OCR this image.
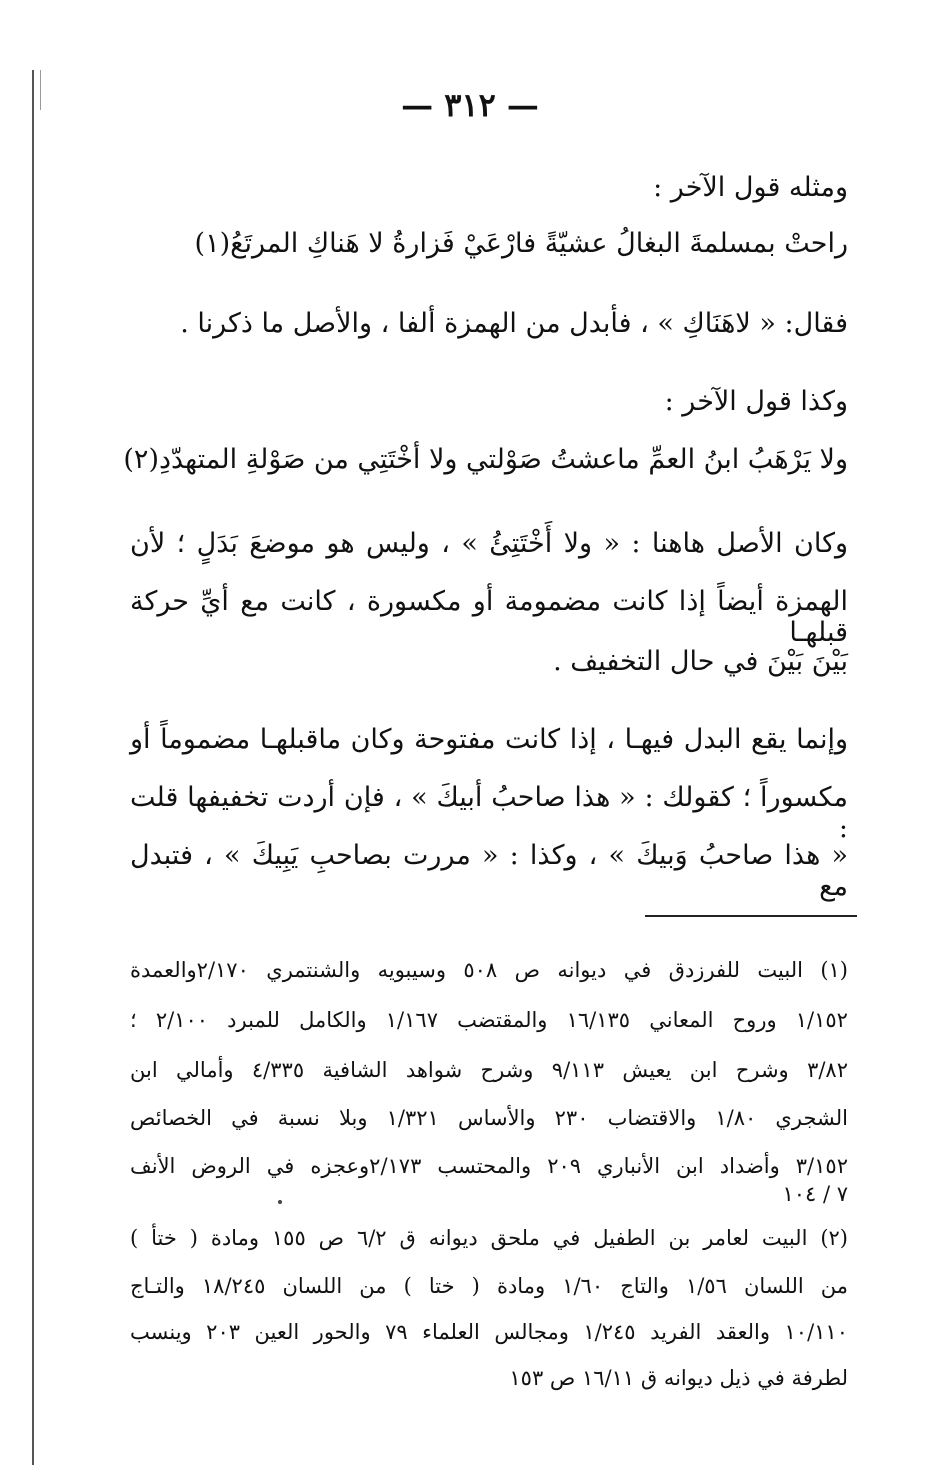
— ٣١٢ —
ومثله قول الآخر :
راحتْ بمسلمةَ البغالُ عشيّةً فارْعَيْ فَزارةُ لا هَناكِ المرتَعُ(١)
فقال: « لاهَنَاكِ » ، فأبدل من الهمزة ألفا ، والأصل ما ذكرنا .
وكذا قول الآخر :
ولا يَرْهَبُ ابنُ العمِّ ماعشتُ صَوْلتي ولا أخْتَتِي من صَوْلةِ المتهدّدِ(٢)
وكان الأصل هاهنا : « ولا أَخْتَتِئُ » ، وليس هو موضعَ بَدَلٍ ؛ لأن
الهمزة أيضاً إذا كانت مضمومة أو مكسورة ، كانت مع أيِّ حركة قبلهـا
بَيْنَ بَيْنَ في حال التخفيف .
وإنما يقع البدل فيهـا ، إذا كانت مفتوحة وكان ماقبلهـا مضموماً أو
مكسوراً ؛ كقولك : « هذا صاحبُ أبيكَ » ، فإن أردت تخفيفها قلت :
« هذا صاحبُ وَبيكَ » ، وكذا : « مررت بصاحبِ يَبِيكَ » ، فتبدل مع
(١) البيت للفرزدق في ديوانه ص ٥٠٨ وسيبويه والشنتمري ٢/١٧٠والعمدة
١/١٥٢ وروح المعاني ١٦/١٣٥ والمقتضب ١/١٦٧ والكامل للمبرد ٢/١٠٠ ؛
٣/٨٢ وشرح ابن يعيش ٩/١١٣ وشرح شواهد الشافية ٤/٣٣٥ وأمالي ابن
الشجري ١/٨٠ والاقتضاب ٢٣٠ والأساس ١/٣٢١ وبلا نسبة في الخصائص
٣/١٥٢ وأضداد ابن الأنباري ٢٠٩ والمحتسب ٢/١٧٣وعجزه في الروض الأنف
٧ / ١٠٤
(٢) البيت لعامر بن الطفيل في ملحق ديوانه ق ٦/٢ ص ١٥٥ ومادة ( ختأ )
من اللسان ١/٥٦ والتاج ١/٦٠ ومادة ( ختا ) من اللسان ١٨/٢٤٥ والتـاج
١٠/١١٠ والعقد الفريد ١/٢٤٥ ومجالس العلماء ٧٩ والحور العين ٢٠٣ وينسب
لطرفة في ذيل ديوانه ق ١٦/١١ ص ١٥٣
